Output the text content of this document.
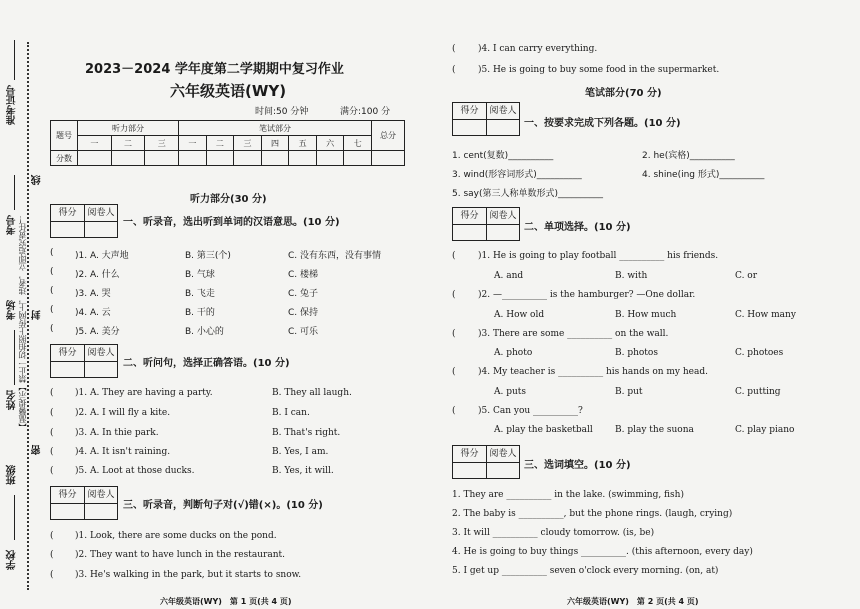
准考证号
考号
考场
姓名
班级
学校
【温馨提示】禁止一切拍照上传网上，违者，立即追究责任！
线
封
密
2023－2024 学年度第二学期期中复习作业
六年级英语(WY)
时间:50 分钟	满分:100 分
题号	听力部分			笔试部分							总分
	一	二	三	一	二	三	四	五	六	七	
分数											
听力部分(30 分)
得分	阅卷人
一、听录音，选出听到单词的汉语意思。(10 分)
( )1. A. 大声地	B. 第三(个)	C. 没有东西，没有事情
( )2. A. 什么	B. 气球	C. 楼梯
( )3. A. 哭	B. 飞走	C. 兔子
( )4. A. 云	B. 干的	C. 保持
( )5. A. 美分	B. 小心的	C. 可乐
得分	阅卷人
二、听问句，选择正确答语。(10 分)
( )1. A. They are having a party.	B. They all laugh.
( )2. A. I will fly a kite.	B. I can.
( )3. A. In thie park.	B. That's right.
( )4. A. It isn't raining.	B. Yes, I am.
( )5. A. Loot at those ducks.	B. Yes, it will.
得分	阅卷人
三、听录音，判断句子对(√)错(×)。(10 分)
( )1. Look, there are some ducks on the pond.
( )2. They want to have lunch in the restaurant.
( )3. He's walking in the park, but it starts to snow.
六年级英语(WY)　第 1 页(共 4 页)
( )4. I can carry everything.
( )5. He is going to buy some food in the supermarket.
笔试部分(70 分)
得分	阅卷人
一、按要求完成下列各题。(10 分)
1. cent(复数)__________	2. he(宾格)__________
3. wind(形容词形式)__________	4. shine(ing 形式)__________
5. say(第三人称单数形式)__________
得分	阅卷人
二、单项选择。(10 分)
( )1. He is going to play football __________ his friends.
A. and	B. with	C. or
( )2. —__________ is the hamburger? —One dollar.
A. How old	B. How much	C. How many
( )3. There are some __________ on the wall.
A. photo	B. photos	C. photoes
( )4. My teacher is __________ his hands on my head.
A. puts	B. put	C. putting
( )5. Can you __________?
A. play the basketball B. play the suona	C. play piano
得分	阅卷人
三、选词填空。(10 分)
1. They are __________ in the lake. (swimming, fish)
2. The baby is __________, but the phone rings. (laugh, crying)
3. It will __________ cloudy tomorrow. (is, be)
4. He is going to buy things __________. (this afternoon, every day)
5. I get up __________ seven o'clock every morning. (on, at)
六年级英语(WY)　第 2 页(共 4 页)
